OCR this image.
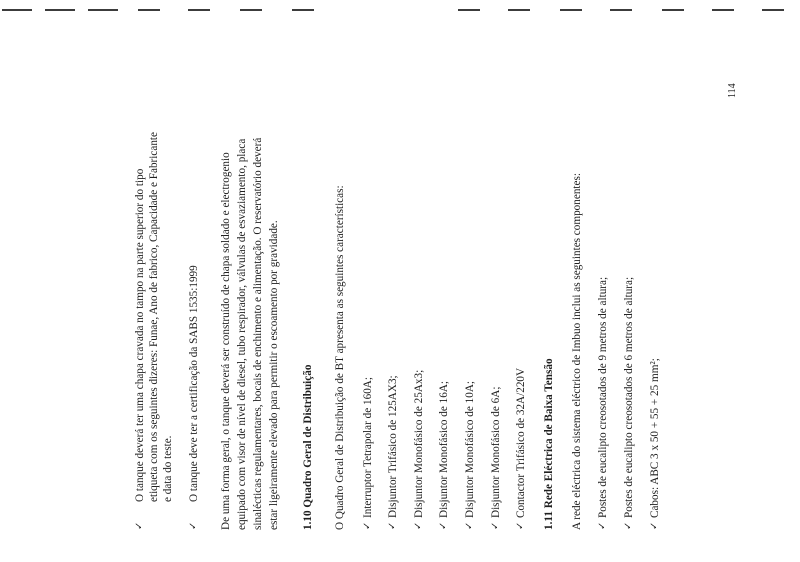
✓
O tanque deverá ter uma chapa cravada no tampo na parte superior do tipo etiqueta com os seguintes dizeres: Funae, Ano de fabrico, Capacidade e Fabricante e data do teste.
✓
O tanque deve ter a certificação da SABS 1535:1999 De uma forma geral, o tanque deverá ser construído de chapa soldado e electrogenio equipado com visor de nível de diesel, tubo respirador, válvulas de esvaziamento, placa sinalécticas regulamentares, bocais de enchimento e alimentação. O reservatório deverá estar ligeiramente elevado para permitir o escoamento por gravidade. 1.10 Quadro Geral de Distribuição O Quadro Geral de Distribuição de BT apresenta as seguintes características: ✓
Interruptor Tetrapolar de 160A;
✓
Disjuntor Trifásico de 125AX3;
✓
Disjuntor Monofásico de 25Ax3;
✓
Disjuntor Monofásico de 16A;
✓
Disjuntor Monofásico de 10A;
✓
Disjuntor Monofásico de 6A;
✓
Contactor Trifásico de 32A/220V 1.11 Rede Eléctrica de Baixa Tensão A rede eléctrica do sistema eléctrico de Imbuo inclui as seguintes componentes: ✓
Postes de eucalipto creosotados de 9 metros de altura;
✓
Postes de eucalipto creosotados de 6 metros de altura;
✓
Cabos: ABC 3 x 50 + 55 + 25 mm²;
114
